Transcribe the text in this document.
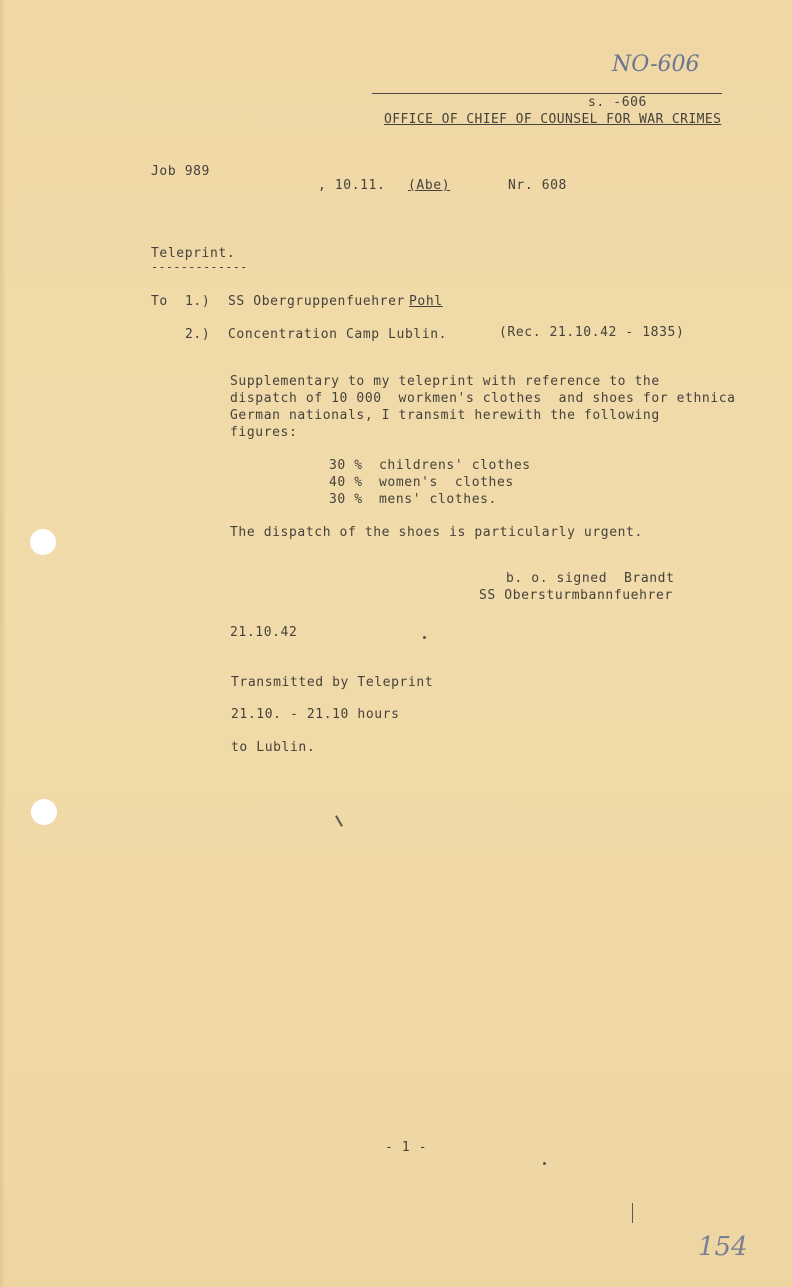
NO-606
s. -606
OFFICE OF CHIEF OF COUNSEL FOR WAR CRIMES
Job 989
, 10.11. (Abe)	Nr. 608
Teleprint.
-------------
To 1.) SS Obergruppenfuehrer Pohl
2.) Concentration Camp Lublin.	(Rec. 21.10.42 - 1835)
Supplementary to my teleprint with reference to the
dispatch of 10 000  workmen's clothes  and shoes for ethnica
German nationals, I transmit herewith the following
figures:
30 % childrens' clothes
40 % women's  clothes
30 % mens' clothes.
The dispatch of the shoes is particularly urgent.
b. o. signed  Brandt
SS Obersturmbannfuehrer
21.10.42
Transmitted by Teleprint
21.10. - 21.10 hours
to Lublin.
- 1 -
154
